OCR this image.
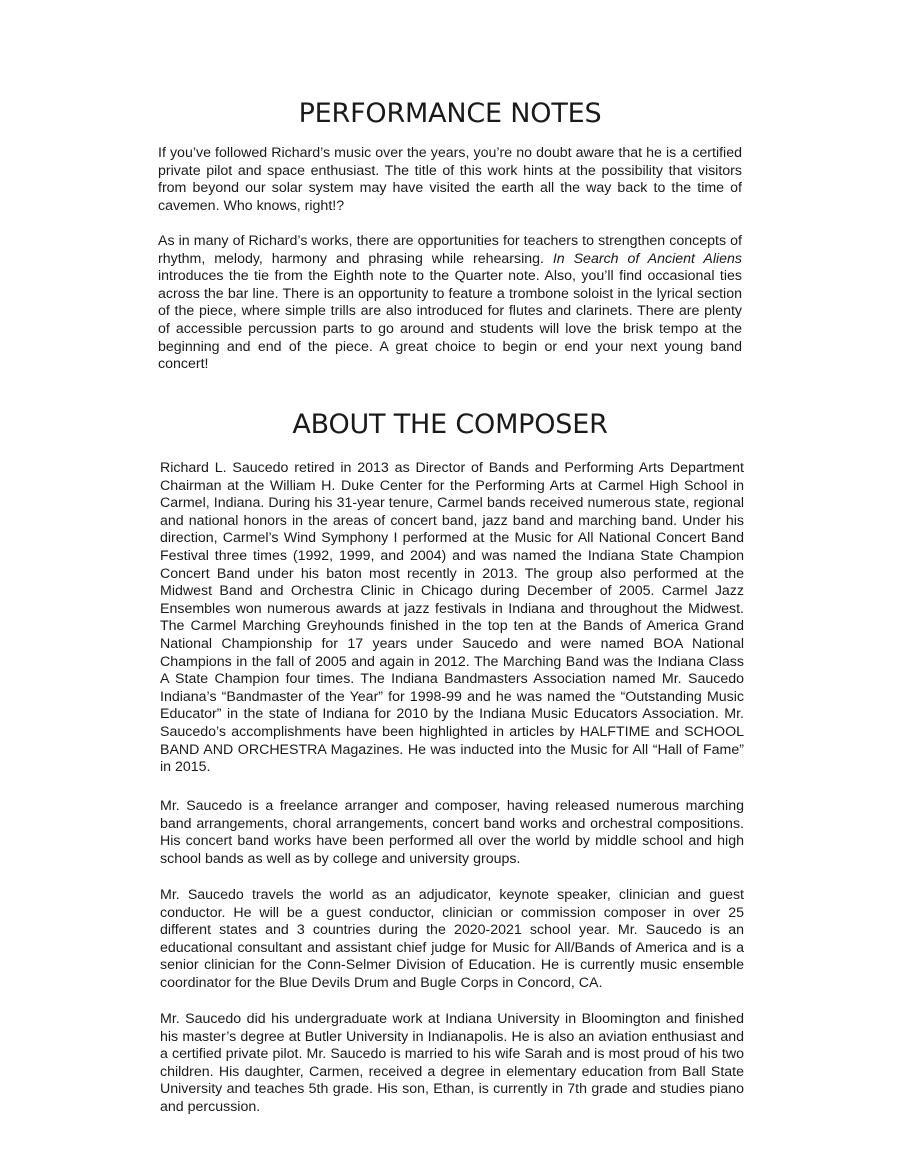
PERFORMANCE NOTES

If you’ve followed Richard’s music over the years, you’re no doubt aware that he is a certified private pilot and space enthusiast. The title of this work hints at the possibility that visitors from beyond our solar system may have visited the earth all the way back to the time of cavemen. Who knows, right!?

As in many of Richard’s works, there are opportunities for teachers to strengthen concepts of rhythm, melody, harmony and phrasing while rehearsing. In Search of Ancient Aliens introduces the tie from the Eighth note to the Quarter note. Also, you’ll find occasional ties across the bar line. There is an opportunity to feature a trombone soloist in the lyrical section of the piece, where simple trills are also introduced for flutes and clarinets. There are plenty of accessible percussion parts to go around and students will love the brisk tempo at the beginning and end of the piece. A great choice to begin or end your next young band concert!

ABOUT THE COMPOSER

Richard L. Saucedo retired in 2013 as Director of Bands and Performing Arts Department Chairman at the William H. Duke Center for the Performing Arts at Carmel High School in Carmel, Indiana. During his 31-year tenure, Carmel bands received numerous state, regional and national honors in the areas of concert band, jazz band and marching band. Under his direction, Carmel’s Wind Symphony I performed at the Music for All National Concert Band Festival three times (1992, 1999, and 2004) and was named the Indiana State Champion Concert Band under his baton most recently in 2013. The group also performed at the Midwest Band and Orchestra Clinic in Chicago during December of 2005. Carmel Jazz Ensembles won numerous awards at jazz festivals in Indiana and throughout the Midwest. The Carmel Marching Greyhounds finished in the top ten at the Bands of America Grand National Championship for 17 years under Saucedo and were named BOA National Champions in the fall of 2005 and again in 2012. The Marching Band was the Indiana Class A State Champion four times. The Indiana Bandmasters Association named Mr. Saucedo Indiana’s “Bandmaster of the Year” for 1998-99 and he was named the “Outstanding Music Educator” in the state of Indiana for 2010 by the Indiana Music Educators Association. Mr. Saucedo’s accomplishments have been highlighted in articles by HALFTIME and SCHOOL BAND AND ORCHESTRA Magazines. He was inducted into the Music for All “Hall of Fame” in 2015.

Mr. Saucedo is a freelance arranger and composer, having released numerous marching band arrangements, choral arrangements, concert band works and orchestral compositions. His concert band works have been performed all over the world by middle school and high school bands as well as by college and university groups.

Mr. Saucedo travels the world as an adjudicator, keynote speaker, clinician and guest conductor. He will be a guest conductor, clinician or commission composer in over 25 different states and 3 countries during the 2020-2021 school year. Mr. Saucedo is an educational consultant and assistant chief judge for Music for All/Bands of America and is a senior clinician for the Conn-Selmer Division of Education. He is currently music ensemble coordinator for the Blue Devils Drum and Bugle Corps in Concord, CA.

Mr. Saucedo did his undergraduate work at Indiana University in Bloomington and finished his master’s degree at Butler University in Indianapolis. He is also an aviation enthusiast and a certified private pilot. Mr. Saucedo is married to his wife Sarah and is most proud of his two children. His daughter, Carmen, received a degree in elementary education from Ball State University and teaches 5th grade. His son, Ethan, is currently in 7th grade and studies piano and percussion.
